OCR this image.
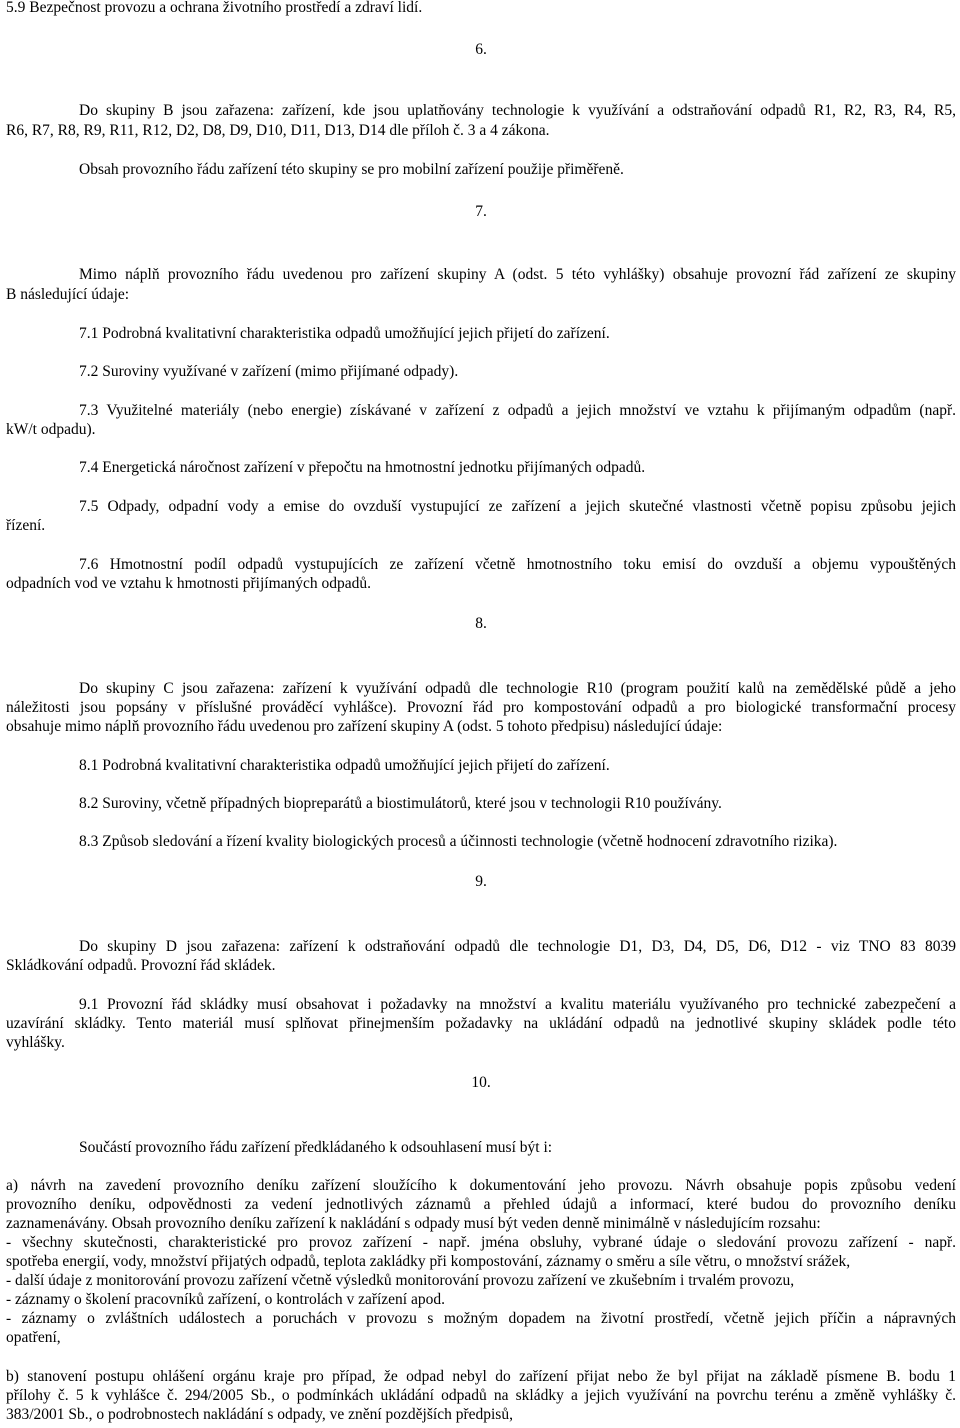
5.9 Bezpečnost provozu a ochrana životního prostředí a zdraví lidí.
6.
Do skupiny B jsou zařazena: zařízení, kde jsou uplatňovány technologie k využívání a odstraňování odpadů R1, R2, R3, R4, R5,
R6, R7, R8, R9, R11, R12, D2, D8, D9, D10, D11, D13, D14 dle příloh č. 3 a 4 zákona.
Obsah provozního řádu zařízení této skupiny se pro mobilní zařízení použije přiměřeně.
7.
Mimo náplň provozního řádu uvedenou pro zařízení skupiny A (odst. 5 této vyhlášky) obsahuje provozní řád zařízení ze skupiny
B následující údaje:
7.1 Podrobná kvalitativní charakteristika odpadů umožňující jejich přijetí do zařízení.
7.2 Suroviny využívané v zařízení (mimo přijímané odpady).
7.3 Využitelné materiály (nebo energie) získávané v zařízení z odpadů a jejich množství ve vztahu k přijímaným odpadům (např.
kW/t odpadu).
7.4 Energetická náročnost zařízení v přepočtu na hmotnostní jednotku přijímaných odpadů.
7.5 Odpady, odpadní vody a emise do ovzduší vystupující ze zařízení a jejich skutečné vlastnosti včetně popisu způsobu jejich
řízení.
7.6 Hmotnostní podíl odpadů vystupujících ze zařízení včetně hmotnostního toku emisí do ovzduší a objemu vypouštěných
odpadních vod ve vztahu k hmotnosti přijímaných odpadů.
8.
Do skupiny C jsou zařazena: zařízení k využívání odpadů dle technologie R10 (program použití kalů na zemědělské půdě a jeho
náležitosti jsou popsány v příslušné prováděcí vyhlášce). Provozní řád pro kompostování odpadů a pro biologické transformační procesy
obsahuje mimo náplň provozního řádu uvedenou pro zařízení skupiny A (odst. 5 tohoto předpisu) následující údaje:
8.1 Podrobná kvalitativní charakteristika odpadů umožňující jejich přijetí do zařízení.
8.2 Suroviny, včetně případných biopreparátů a biostimulátorů, které jsou v technologii R10 používány.
8.3 Způsob sledování a řízení kvality biologických procesů a účinnosti technologie (včetně hodnocení zdravotního rizika).
9.
Do skupiny D jsou zařazena: zařízení k odstraňování odpadů dle technologie D1, D3, D4, D5, D6, D12 - viz TNO 83 8039
Skládkování odpadů. Provozní řád skládek.
9.1 Provozní řád skládky musí obsahovat i požadavky na množství a kvalitu materiálu využívaného pro technické zabezpečení a
uzavírání skládky. Tento materiál musí splňovat přinejmenším požadavky na ukládání odpadů na jednotlivé skupiny skládek podle této
vyhlášky.
10.
Součástí provozního řádu zařízení předkládaného k odsouhlasení musí být i:
a) návrh na zavedení provozního deníku zařízení sloužícího k dokumentování jeho provozu. Návrh obsahuje popis způsobu vedení
provozního deníku, odpovědnosti za vedení jednotlivých záznamů a přehled údajů a informací, které budou do provozního deníku
zaznamenávány. Obsah provozního deníku zařízení k nakládání s odpady musí být veden denně minimálně v následujícím rozsahu:
- všechny skutečnosti, charakteristické pro provoz zařízení - např. jména obsluhy, vybrané údaje o sledování provozu zařízení - např.
spotřeba energií, vody, množství přijatých odpadů, teplota zakládky při kompostování, záznamy o směru a síle větru, o množství srážek,
- další údaje z monitorování provozu zařízení včetně výsledků monitorování provozu zařízení ve zkušebním i trvalém provozu,
- záznamy o školení pracovníků zařízení, o kontrolách v zařízení apod.
- záznamy o zvláštních událostech a poruchách v provozu s možným dopadem na životní prostředí, včetně jejich příčin a nápravných
opatření,
b) stanovení postupu ohlášení orgánu kraje pro případ, že odpad nebyl do zařízení přijat nebo že byl přijat na základě písmene B. bodu 1
přílohy č. 5 k vyhlášce č. 294/2005 Sb., o podmínkách ukládání odpadů na skládky a jejich využívání na povrchu terénu a změně vyhlášky č.
383/2001 Sb., o podrobnostech nakládání s odpady, ve znění pozdějších předpisů,
